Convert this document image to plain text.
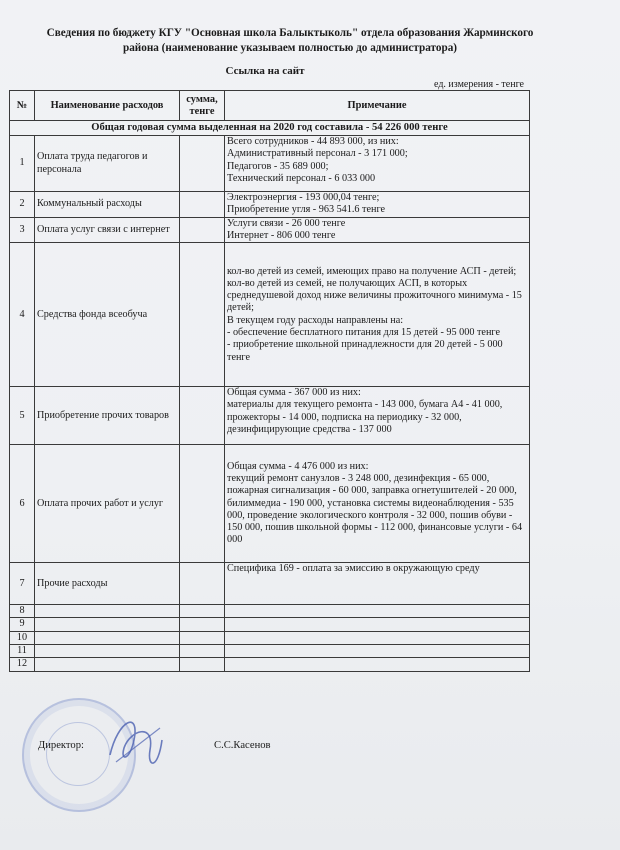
Сведения по бюджету КГУ "Основная школа Балыктыколь" отдела образования Жарминского района (наименование указываем полностью до администратора)
Ссылка на сайт
ед. измерения - тенге
№	Наименование расходов	сумма, тенге	Примечание
Общая годовая сумма выделенная на 2020 год составила - 54 226 000 тенге			
1	Оплата труда педагогов и персонала		Всего сотрудников - 44 893 000, из них:
Административный персонал - 3 171 000;
Педагогов - 35 689 000;
Технический персонал - 6 033 000

2	Коммунальный расходы		Электроэнергия - 193 000,04 тенге;
Приобретение угля - 963 541.6 тенге

3	Оплата услуг связи с интернет		Услуги связи - 26 000 тенге
Интернет - 806 000 тенге

4	Средства фонда всеобуча		кол-во детей из семей, имеющих право на получение АСП - детей;
кол-во детей из семей, не получающих АСП, в которых среднедушевой доход ниже величины прожиточного минимума - 15 детей;
В текущем году расходы направлены на:
- обеспечение бесплатного питания для 15 детей - 95 000 тенге
- приобретение школьной принадлежности для 20 детей - 5 000 тенге

5	Приобретение прочих товаров		Общая сумма - 367 000 из них:
материалы для текущего ремонта - 143 000, бумага А4 - 41 000, прожекторы - 14 000, подписка на периодику - 32 000, дезинфицирующие средства - 137 000

6	Оплата прочих работ и услуг		Общая сумма - 4 476 000 из них:
текущий ремонт санузлов - 3 248 000, дезинфекция - 65 000, пожарная сигнализация - 60 000, заправка огнетушителей - 20 000, билиммедиа - 190 000, установка системы видеонаблюдения - 535 000, проведение экологического контроля - 32 000, пошив обуви - 150 000, пошив школьной формы - 112 000, финансовые услуги - 64 000

7	Прочие расходы		Специфика 169 - оплата за эмиссию в окружающую среду

8			
9			
10			
11			
12			
Директор:	С.С.Касенов
